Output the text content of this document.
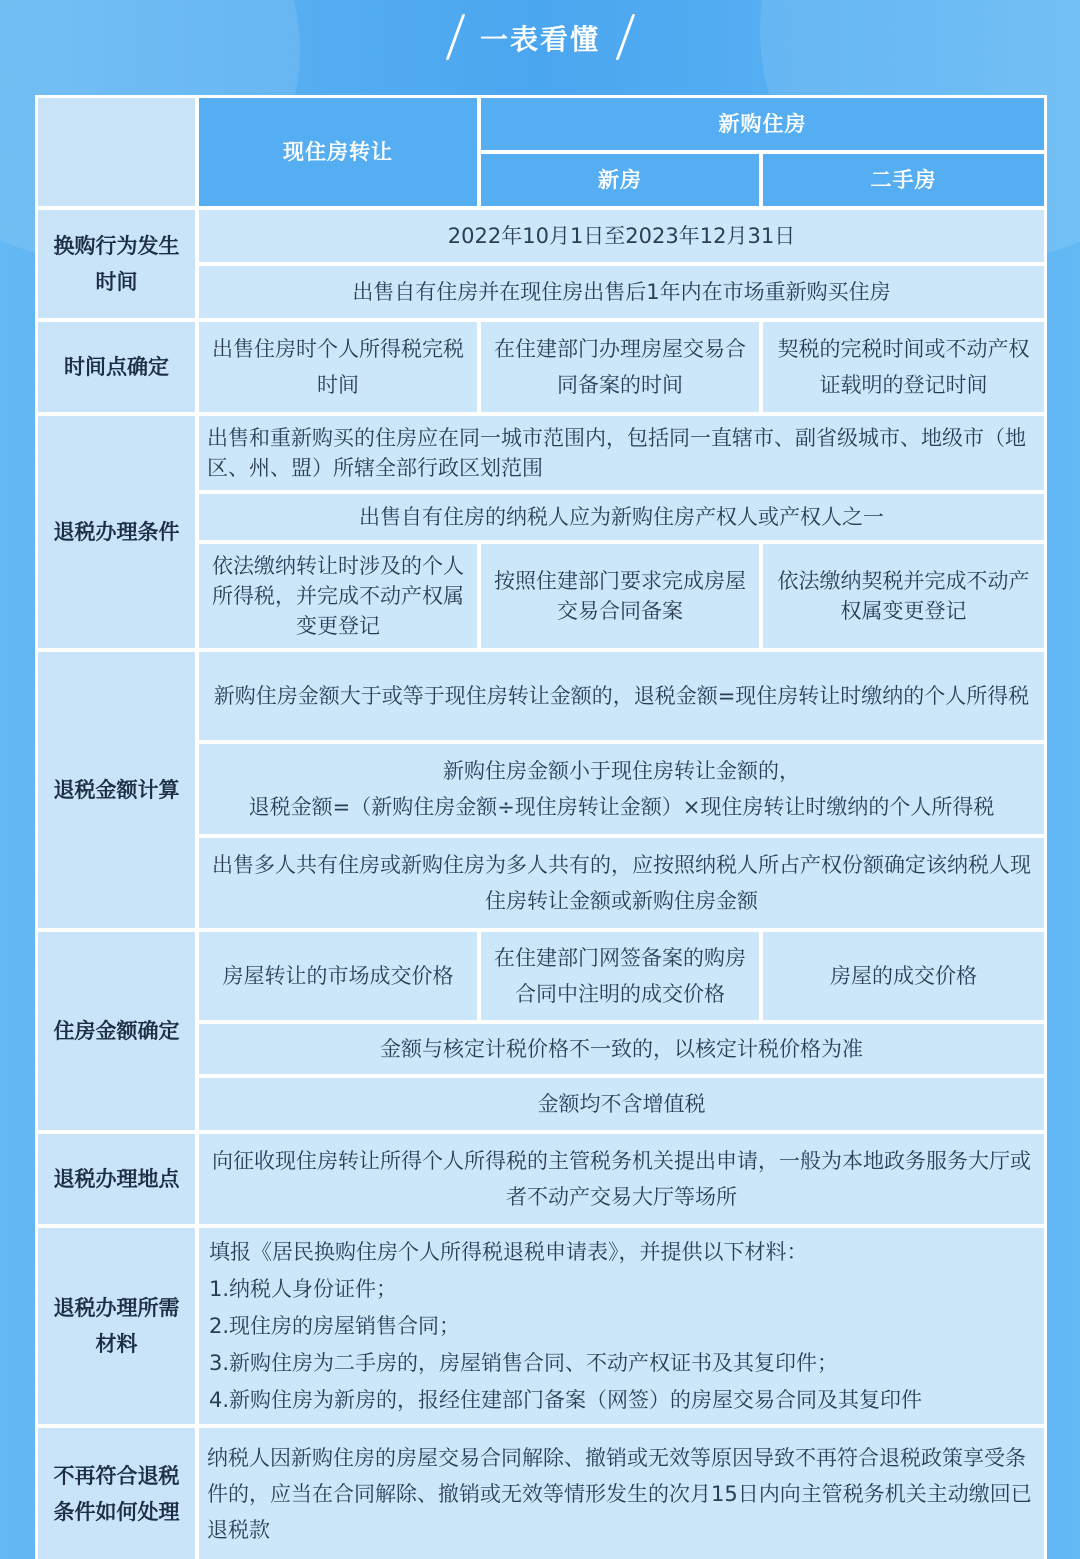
一表看懂
现住房转让
新购住房
新房	二手房
换购行为发生时间
2022年10月1日至2023年12月31日
出售自有住房并在现住房出售后1年内在市场重新购买住房
时间点确定
出售住房时个人所得税完税时间
在住建部门办理房屋交易合同备案的时间
契税的完税时间或不动产权证载明的登记时间
退税办理条件
出售和重新购买的住房应在同一城市范围内，包括同一直辖市、副省级城市、地级市（地区、州、盟）所辖全部行政区划范围
出售自有住房的纳税人应为新购住房产权人或产权人之一
依法缴纳转让时涉及的个人所得税，并完成不动产权属变更登记
按照住建部门要求完成房屋交易合同备案
依法缴纳契税并完成不动产权属变更登记
退税金额计算
新购住房金额大于或等于现住房转让金额的，退税金额=现住房转让时缴纳的个人所得税
新购住房金额小于现住房转让金额的，
退税金额=（新购住房金额÷现住房转让金额）×现住房转让时缴纳的个人所得税
出售多人共有住房或新购住房为多人共有的，应按照纳税人所占产权份额确定该纳税人现住房转让金额或新购住房金额
住房金额确定
房屋转让的市场成交价格
在住建部门网签备案的购房合同中注明的成交价格
房屋的成交价格
金额与核定计税价格不一致的，以核定计税价格为准
金额均不含增值税
退税办理地点
向征收现住房转让所得个人所得税的主管税务机关提出申请，一般为本地政务服务大厅或者不动产交易大厅等场所
退税办理所需材料
填报《居民换购住房个人所得税退税申请表》，并提供以下材料：
1.纳税人身份证件；
2.现住房的房屋销售合同；
3.新购住房为二手房的，房屋销售合同、不动产权证书及其复印件；
4.新购住房为新房的，报经住建部门备案（网签）的房屋交易合同及其复印件
不再符合退税条件如何处理
纳税人因新购住房的房屋交易合同解除、撤销或无效等原因导致不再符合退税政策享受条件的，应当在合同解除、撤销或无效等情形发生的次月15日内向主管税务机关主动缴回已退税款
